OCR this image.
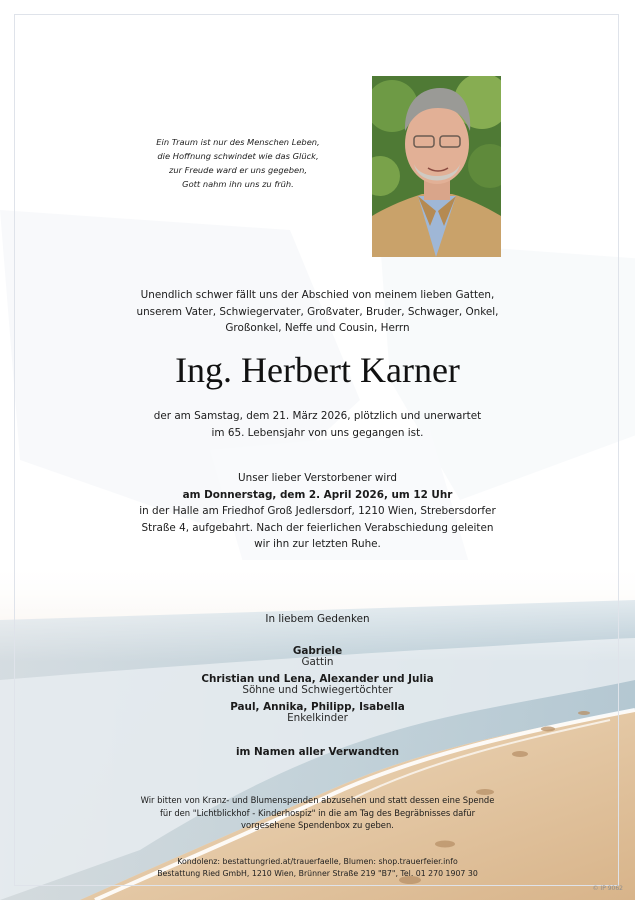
Ein Traum ist nur des Menschen Leben,
die Hoffnung schwindet wie das Glück,
zur Freude ward er uns gegeben,
Gott nahm ihn uns zu früh.
Unendlich schwer fällt uns der Abschied von meinem lieben Gatten,
unserem Vater, Schwiegervater, Großvater, Bruder, Schwager, Onkel,
Großonkel, Neffe und Cousin, Herrn
Ing. Herbert Karner
der am Samstag, dem 21. März 2026, plötzlich und unerwartet
im 65. Lebensjahr von uns gegangen ist.
Unser lieber Verstorbener wird
am Donnerstag, dem 2. April 2026, um 12 Uhr
in der Halle am Friedhof Groß Jedlersdorf, 1210 Wien, Strebersdorfer
Straße 4, aufgebahrt. Nach der feierlichen Verabschiedung geleiten
wir ihn zur letzten Ruhe.
In liebem Gedenken
Gabriele
Gattin
Christian und Lena, Alexander und Julia
Söhne und Schwiegertöchter
Paul, Annika, Philipp, Isabella
Enkelkinder
im Namen aller Verwandten
Wir bitten von Kranz- und Blumenspenden abzusehen und statt dessen eine Spende
für den "Lichtblickhof - Kinderhospiz" in die am Tag des Begräbnisses dafür
vorgesehene Spendenbox zu geben.
Kondolenz: bestattungried.at/trauerfaelle, Blumen: shop.trauerfeier.info
Bestattung Ried GmbH, 1210 Wien, Brünner Straße 219 "B7", Tel. 01 270 1907 30
© IP 9062
